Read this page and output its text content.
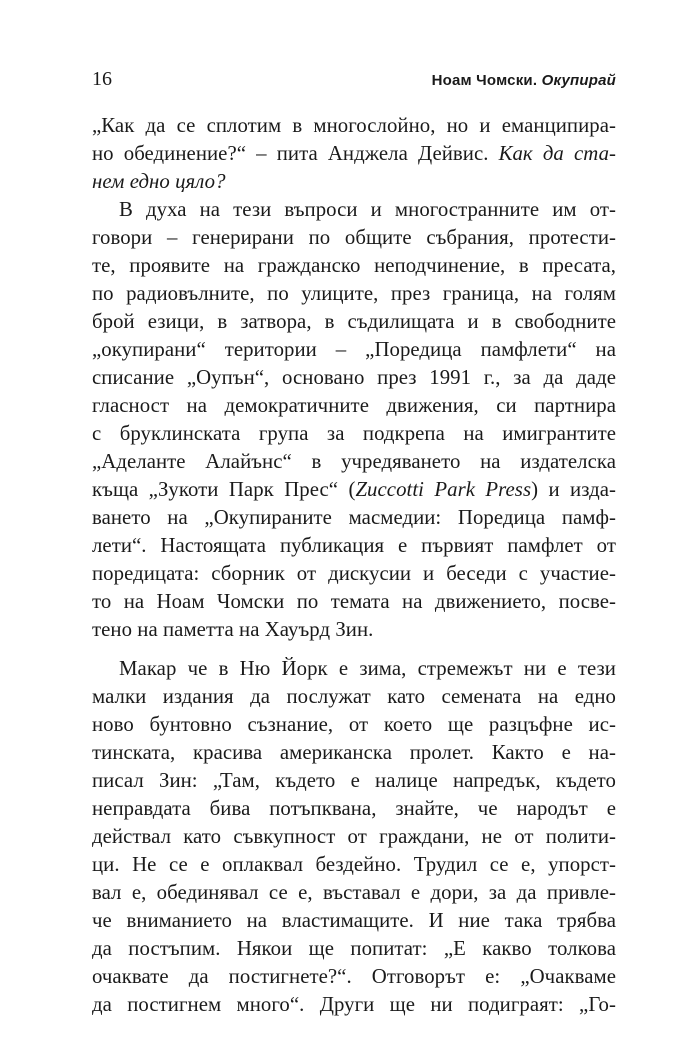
16	Ноам Чомски. Окупирай

„Как да се сплотим в многослойно, но и еманципира-
но обединение?“ – пита Анджела Дейвис. Как да ста-
нем едно цяло?

В духа на тези въпроси и многостранните им от-
говори – генерирани по общите събрания, протести-
те, проявите на гражданско неподчинение, в пресата,
по радиовълните, по улиците, през граница, на голям
брой езици, в затвора, в съдилищата и в свободните
„окупирани“ територии – „Поредица памфлети“ на
списание „Оупън“, основано през 1991 г., за да даде
гласност на демократичните движения, си партнира
с бруклинската група за подкрепа на имигрантите
„Аделанте Алайънс“ в учредяването на издателска
къща „Зукоти Парк Прес“ (Zuccotti Park Press) и изда-
ването на „Окупираните масмедии: Поредица памф-
лети“. Настоящата публикация е първият памфлет от
поредицата: сборник от дискусии и беседи с участие-
то на Ноам Чомски по темата на движението, посве-
тено на паметта на Хауърд Зин.

Макар че в Ню Йорк е зима, стремежът ни е тези
малки издания да послужат като семената на едно
ново бунтовно съзнание, от което ще разцъфне ис-
тинската, красива американска пролет. Както е на-
писал Зин: „Там, където е налице напредък, където
неправдата бива потъпквана, знайте, че народът е
действал като съвкупност от граждани, не от полити-
ци. Не се е оплаквал бездейно. Трудил се е, упорст-
вал е, обединявал се е, въставал е дори, за да привле-
че вниманието на властимащите. И ние така трябва
да постъпим. Някои ще попитат: „Е какво толкова
очаквате да постигнете?“. Отговорът е: „Очакваме
да постигнем много“. Други ще ни подиграят: „Го-
